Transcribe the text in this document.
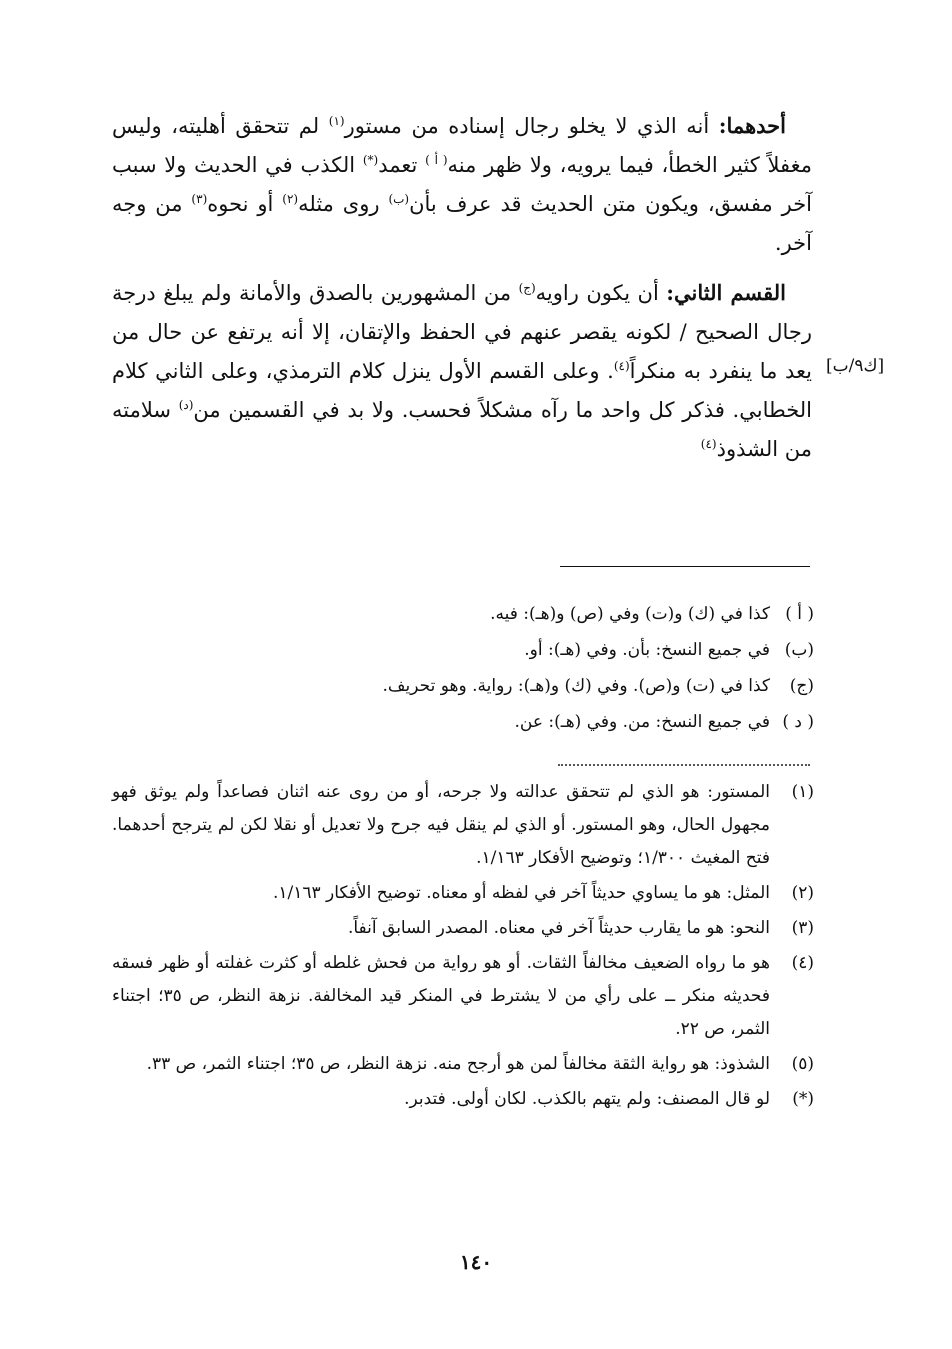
أحدهما: أنه الذي لا يخلو رجال إسناده من مستور$^{(١)}$ لم تتحقق أهليته، وليس مغفلاً كثير الخطأ، فيما يرويه، ولا ظهر منه$^{( أ )}$ تعمد(*) الكذب في الحديث ولا سبب آخر مفسق، ويكون متن الحديث قد عرف بأن$^{(ب)}$ روى مثله$^{(٢)}$ أو نحوه$^{(٣)}$ من وجه آخر.

القسم الثاني: أن يكون راويه$^{(ج)}$ من المشهورين بالصدق والأمانة ولم يبلغ درجة رجال الصحيح / لكونه يقصر عنهم في الحفظ والإتقان، إلا أنه يرتفع عن حال من يعد ما ينفرد به منكراً$^{(٤)}$. وعلى القسم الأول ينزل كلام الترمذي، وعلى الثاني كلام الخطابي. فذكر كل واحد ما رآه مشكلاً فحسب. ولا بد في القسمين من$^{(د)}$ سلامته من الشذوذ$^{(٤)}$

[ك٩/ب]

( أ )
كذا في (ك) و(ت) وفي (ص) و(هـ): فيه.

(ب)
في جميع النسخ: بأن. وفي (هـ): أو.

(ج)
كذا في (ت) و(ص). وفي (ك) و(هـ): رواية. وهو تحريف.

( د )
في جميع النسخ: من. وفي (هـ): عن.

(١)
المستور: هو الذي لم تتحقق عدالته ولا جرحه، أو من روى عنه اثنان فصاعداً ولم يوثق فهو مجهول الحال، وهو المستور. أو الذي لم ينقل فيه جرح ولا تعديل أو نقلا لكن لم يترجح أحدهما. فتح المغيث ١/٣٠٠؛ وتوضيح الأفكار ١/١٦٣.

(٢)
المثل: هو ما يساوي حديثاً آخر في لفظه أو معناه. توضيح الأفكار ١/١٦٣.

(٣)
النحو: هو ما يقارب حديثاً آخر في معناه. المصدر السابق آنفاً.

(٤)
هو ما رواه الضعيف مخالفاً الثقات. أو هو رواية من فحش غلطه أو كثرت غفلته أو ظهر فسقه فحديثه منكر ــ على رأي من لا يشترط في المنكر قيد المخالفة. نزهة النظر، ص ٣٥؛ اجتناء الثمر، ص ٢٢.

(٥)
الشذوذ: هو رواية الثقة مخالفاً لمن هو أرجح منه. نزهة النظر، ص ٣٥؛ اجتناء الثمر، ص ٣٣.

(*)
لو قال المصنف: ولم يتهم بالكذب. لكان أولى. فتدبر.

١٤٠
